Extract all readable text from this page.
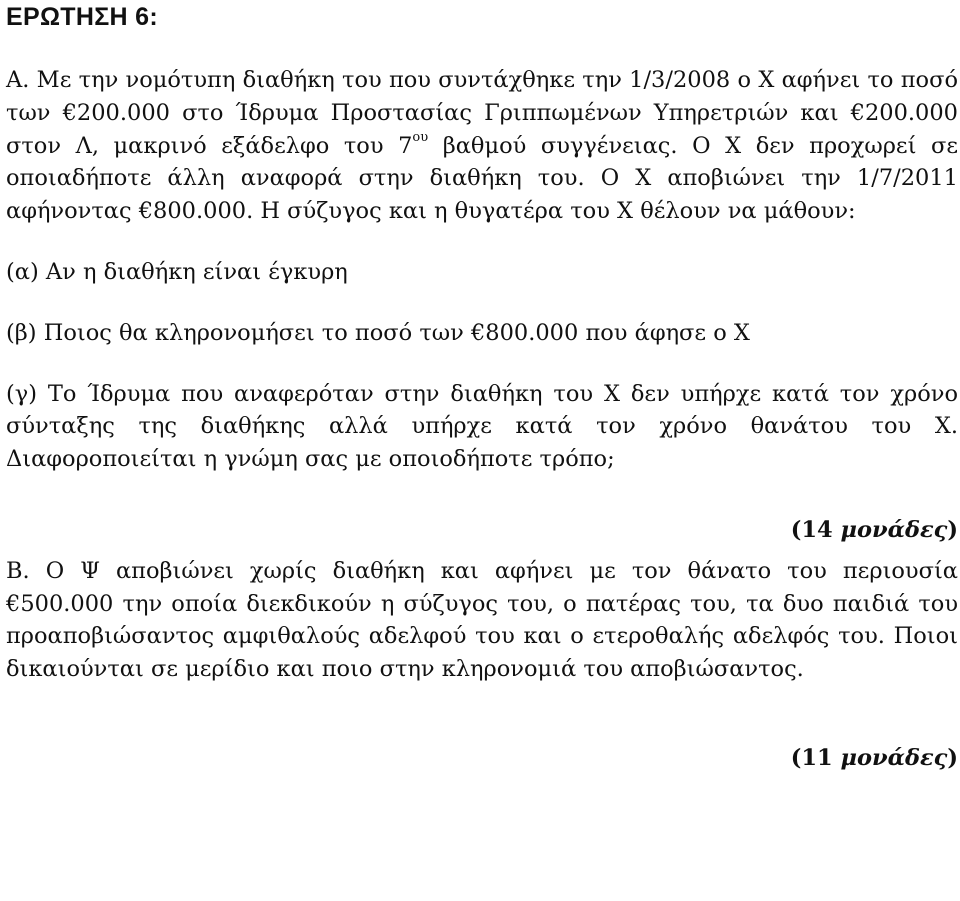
ΕΡΩΤΗΣΗ 6:

Α. Με την νομότυπη διαθήκη του που συντάχθηκε την 1/3/2008 ο Χ αφήνει το ποσό των €200.000 στο Ίδρυμα Προστασίας Γριππωμένων Υπηρετριών και €200.000 στον Λ, μακρινό εξάδελφο του $7^{o\upsilon}$ βαθμού συγγένειας. Ο Χ δεν προχωρεί σε οποιαδήποτε άλλη αναφορά στην διαθήκη του. Ο Χ αποβιώνει την 1/7/2011 αφήνοντας €800.000. Η σύζυγος και η θυγατέρα του Χ θέλουν να μάθουν:

(α) Αν η διαθήκη είναι έγκυρη

(β) Ποιος θα κληρονομήσει το ποσό των €800.000 που άφησε ο Χ

(γ) Το Ίδρυμα που αναφερόταν στην διαθήκη του Χ δεν υπήρχε κατά τον χρόνο σύνταξης της διαθήκης αλλά υπήρχε κατά τον χρόνο θανάτου του Χ. Διαφοροποιείται η γνώμη σας με οποιοδήποτε τρόπο;

(14 μονάδες)

Β. Ο Ψ αποβιώνει χωρίς διαθήκη και αφήνει με τον θάνατο του περιουσία €500.000 την οποία διεκδικούν η σύζυγος του, ο πατέρας του, τα δυο παιδιά του προαποβιώσαντος αμφιθαλούς αδελφού του και ο ετεροθαλής αδελφός του. Ποιοι δικαιούνται σε μερίδιο και ποιο στην κληρονομιά του αποβιώσαντος.

(11 μονάδες)
